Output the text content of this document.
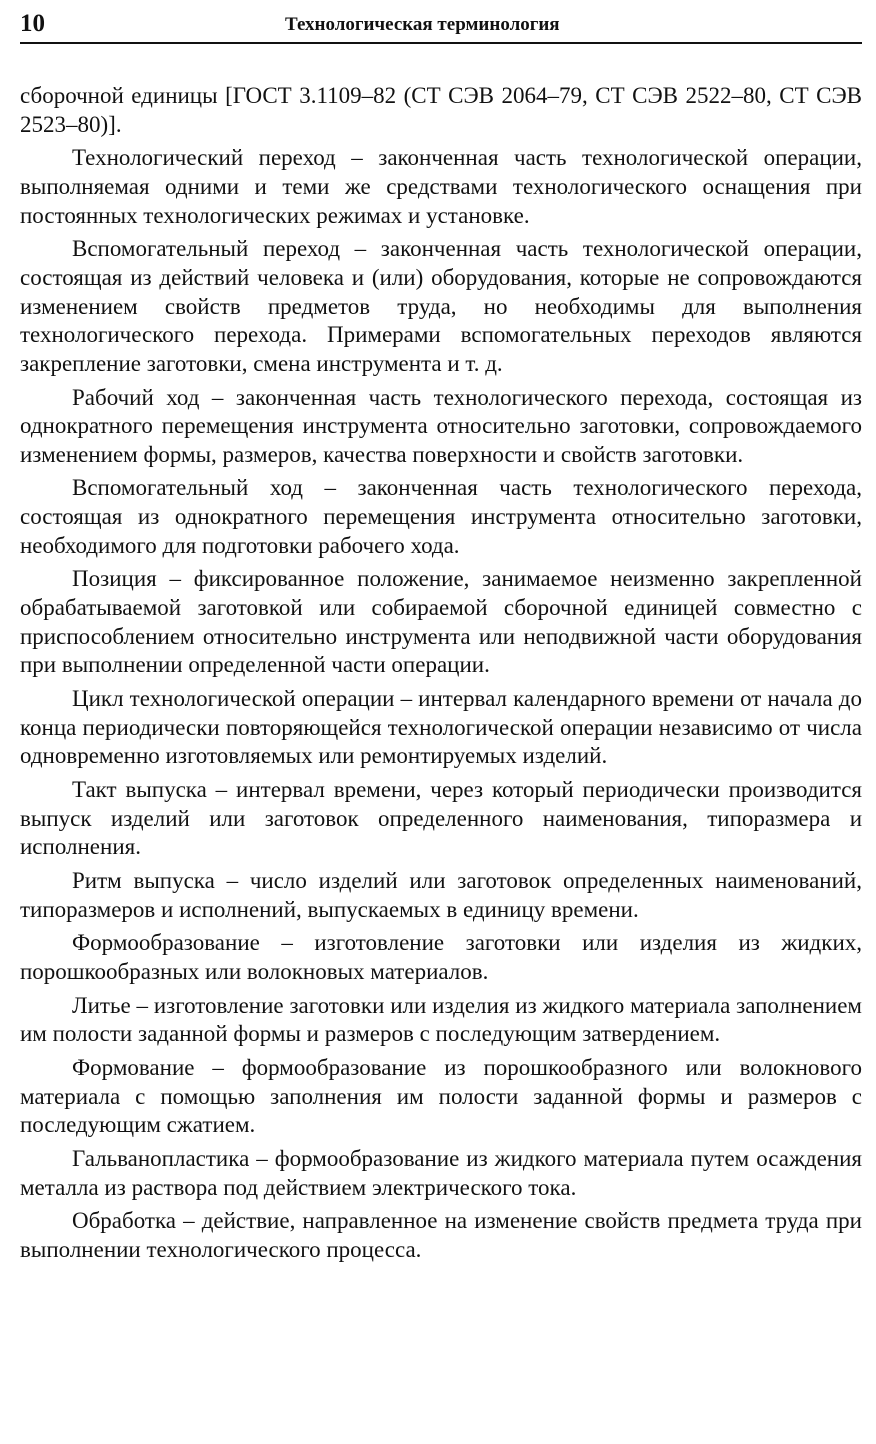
10	Технологическая терминология

сборочной единицы [ГОСТ 3.1109–82 (СТ СЭВ 2064–79, СТ СЭВ 2522–80, СТ СЭВ 2523–80)].

Технологический переход – законченная часть технологической операции, выполняемая одними и теми же средствами технологического оснащения при постоянных технологических режимах и установке.

Вспомогательный переход – законченная часть технологической операции, состоящая из действий человека и (или) оборудования, которые не сопровождаются изменением свойств предметов труда, но необходимы для выполнения технологического перехода. Примерами вспомогательных переходов являются закрепление заготовки, смена инструмента и т. д.

Рабочий ход – законченная часть технологического перехода, состоящая из однократного перемещения инструмента относительно заготовки, сопровождаемого изменением формы, размеров, качества поверхности и свойств заготовки.

Вспомогательный ход – законченная часть технологического перехода, состоящая из однократного перемещения инструмента относительно заготовки, необходимого для подготовки рабочего хода.

Позиция – фиксированное положение, занимаемое неизменно закрепленной обрабатываемой заготовкой или собираемой сборочной единицей совместно с приспособлением относительно инструмента или неподвижной части оборудования при выполнении определенной части операции.

Цикл технологической операции – интервал календарного времени от начала до конца периодически повторяющейся технологической операции независимо от числа одновременно изготовляемых или ремонтируемых изделий.

Такт выпуска – интервал времени, через который периодически производится выпуск изделий или заготовок определенного наименования, типоразмера и исполнения.

Ритм выпуска – число изделий или заготовок определенных наименований, типоразмеров и исполнений, выпускаемых в единицу времени.

Формообразование – изготовление заготовки или изделия из жидких, порошкообразных или волокновых материалов.

Литье – изготовление заготовки или изделия из жидкого материала заполнением им полости заданной формы и размеров с последующим затвердением.

Формование – формообразование из порошкообразного или волокнового материала с помощью заполнения им полости заданной формы и размеров с последующим сжатием.

Гальванопластика – формообразование из жидкого материала путем осаждения металла из раствора под действием электрического тока.

Обработка – действие, направленное на изменение свойств предмета труда при выполнении технологического процесса.
